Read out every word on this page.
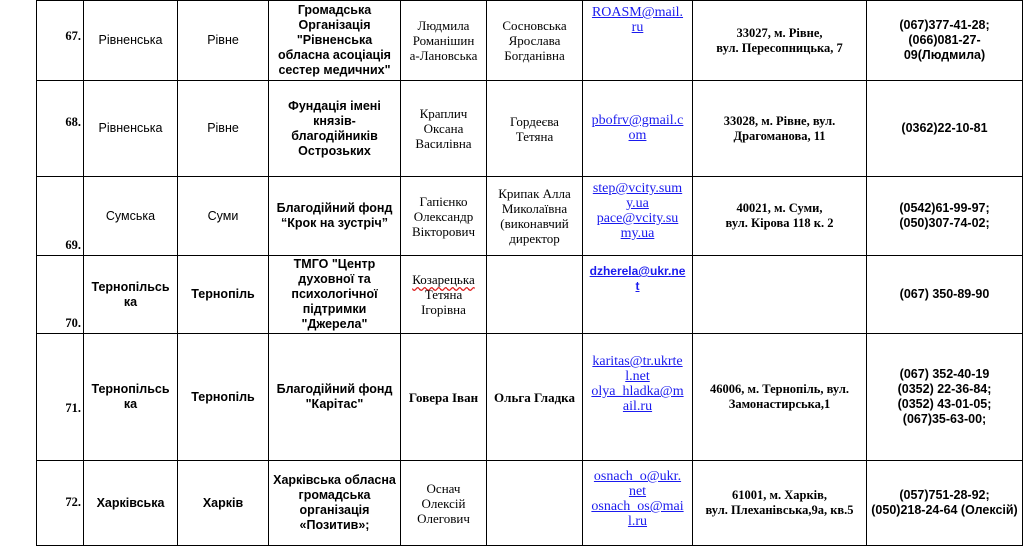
67.	Рівненська	Рівне	Громадська
Організація
"Рівненська
обласна асоціація
сестер медичних"	Людмила
Романішин
а-Лановська	Сосновська
Ярослава
Богданівна	ROASM@mail.
ru	33027, м. Рівне,
вул. Пересопницька, 7	(067)377-41-28;
(066)081-27-09(Людмила)
68.	Рівненська	Рівне	Фундація імені
князів-
благодійників
Острозьких	Краплич
Оксана
Василівна	Гордеєва
Тетяна	pbofrv@gmail.c
om	33028, м. Рівне, вул.
Драгоманова, 11	(0362)22-10-81
69.	Сумська	Суми	Благодійний фонд
“Крок на зустріч”	Гапієнко
Олександр
Вікторович	Крипак Алла
Миколаївна
(виконавчий
директор	step@vcity.sum
y.ua
pace@vcity.su
my.ua	40021, м. Суми,
вул. Кірова 118 к. 2	(0542)61-99-97;
(050)307-74-02;
70.	Тернопільсь
ка	Тернопіль	ТМГО "Центр
духовної та
психологічної
підтримки
"Джерела"	Козарецька
Тетяна
Ігорівна		dzherela@ukr.ne
t		(067) 350-89-90
71.	Тернопільсь
ка	Тернопіль	Благодійний фонд
"Карітас"	Говера Іван	Ольга Гладка	karitas@tr.ukrte
l.net
olya_hladka@m
ail.ru	46006, м. Тернопіль, вул.
Замонастирська,1	(067) 352-40-19
(0352) 22-36-84;
(0352) 43-01-05;
(067)35-63-00;
72.	Харківська	Харків	Харківська обласна
громадська
організація
«Позитив»;	Оснач
Олексій
Олегович		osnach_o@ukr.
net
osnach_os@mai
l.ru	61001, м. Харків,
вул. Плеханівська,9а, кв.5	(057)751-28-92;
(050)218-24-64 (Олексій)
